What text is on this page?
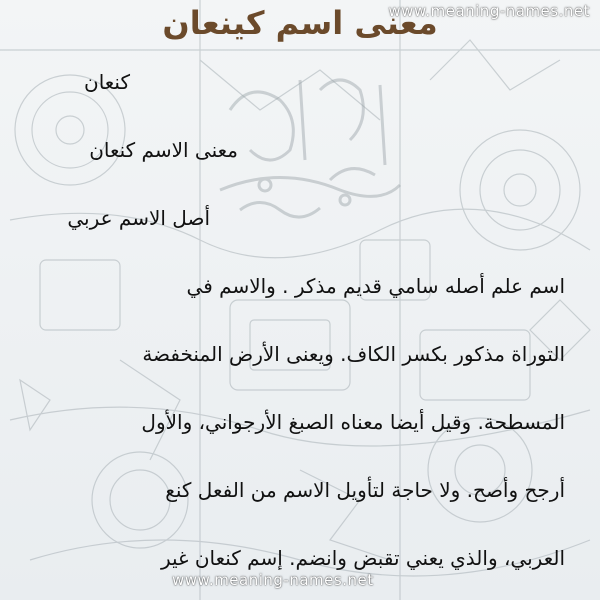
www.meaning-names.net
معنى اسم كينعان
كنعان
معنى الاسم كنعان
أصل الاسم عربي
اسم علم أصله سامي قديم مذكر . والاسم في
التوراة مذكور بكسر الكاف. ويعنى الأرض المنخفضة
المسطحة. وقيل أيضا معناه الصبغ الأرجواني، والأول
أرجح وأصح. ولا حاجة لتأويل الاسم من الفعل كنع
العربي، والذي يعني تقبض وانضم. إسم كنعان غير
www.meaning-names.net
